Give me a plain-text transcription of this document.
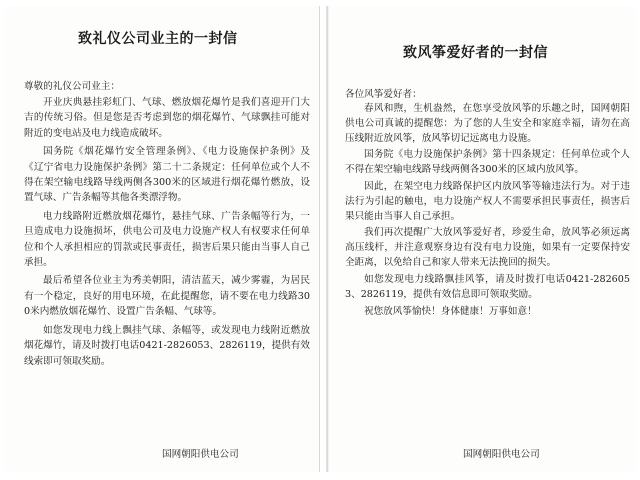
致礼仪公司业主的一封信

尊敬的礼仪公司业主：

开业庆典悬挂彩虹门、气球、燃放烟花爆竹是我们喜迎开门大吉的传统习俗。但是您是否考虑到您的烟花爆竹、气球飘挂可能对附近的变电站及电力线造成破坏。

国务院《烟花爆竹安全管理条例》、《电力设施保护条例》及《辽宁省电力设施保护条例》第二十二条规定：任何单位或个人不得在架空输电线路导线两侧各300米的区域进行烟花爆竹燃放，设置气球、广告条幅等其他各类漂浮物。

电力线路附近燃放烟花爆竹，悬挂气球、广告条幅等行为，一旦造成电力设施损坏，供电公司及电力设施产权人有权要求任何单位和个人承担相应的罚款或民事责任，损害后果只能由当事人自己承担。

最后希望各位业主为秀美朝阳，清洁蓝天，减少雾霾，为居民有一个稳定，良好的用电环境，在此提醒您，请不要在电力线路300米内燃放烟花爆竹、设置广告条幅、气球等。

如您发现电力线上飘挂气球、条幅等，或发现电力线附近燃放烟花爆竹，请及时拨打电话0421-2826053、2826119，提供有效线索即可领取奖励。

国网朝阳供电公司

致风筝爱好者的一封信

各位风筝爱好者：

春风和煦，生机盎然，在您享受放风筝的乐趣之时，国网朝阳供电公司真诚的提醒您：为了您的人生安全和家庭幸福，请勿在高压线附近放风筝，放风筝切记远离电力设施。

国务院《电力设施保护条例》第十四条规定：任何单位或个人不得在架空输电线路导线两侧各300米的区域内放风筝。

因此，在架空电力线路保护区内放风筝等输违法行为。对于违法行为引起的触电，电力设施产权人不需要承担民事责任，损害后果只能由当事人自己承担。

我们再次提醒广大放风筝爱好者，珍爱生命，放风筝必须远离高压线杆，并注意观察身边有没有电力设施，如果有一定要保持安全距离，以免给自己和家人带来无法挽回的损失。

如您发现电力线路飘挂风筝，请及时拨打电话0421-2826053、2826119，提供有效信息即可领取奖励。

祝您放风筝愉快！身体健康！万事如意！

国网朝阳供电公司
